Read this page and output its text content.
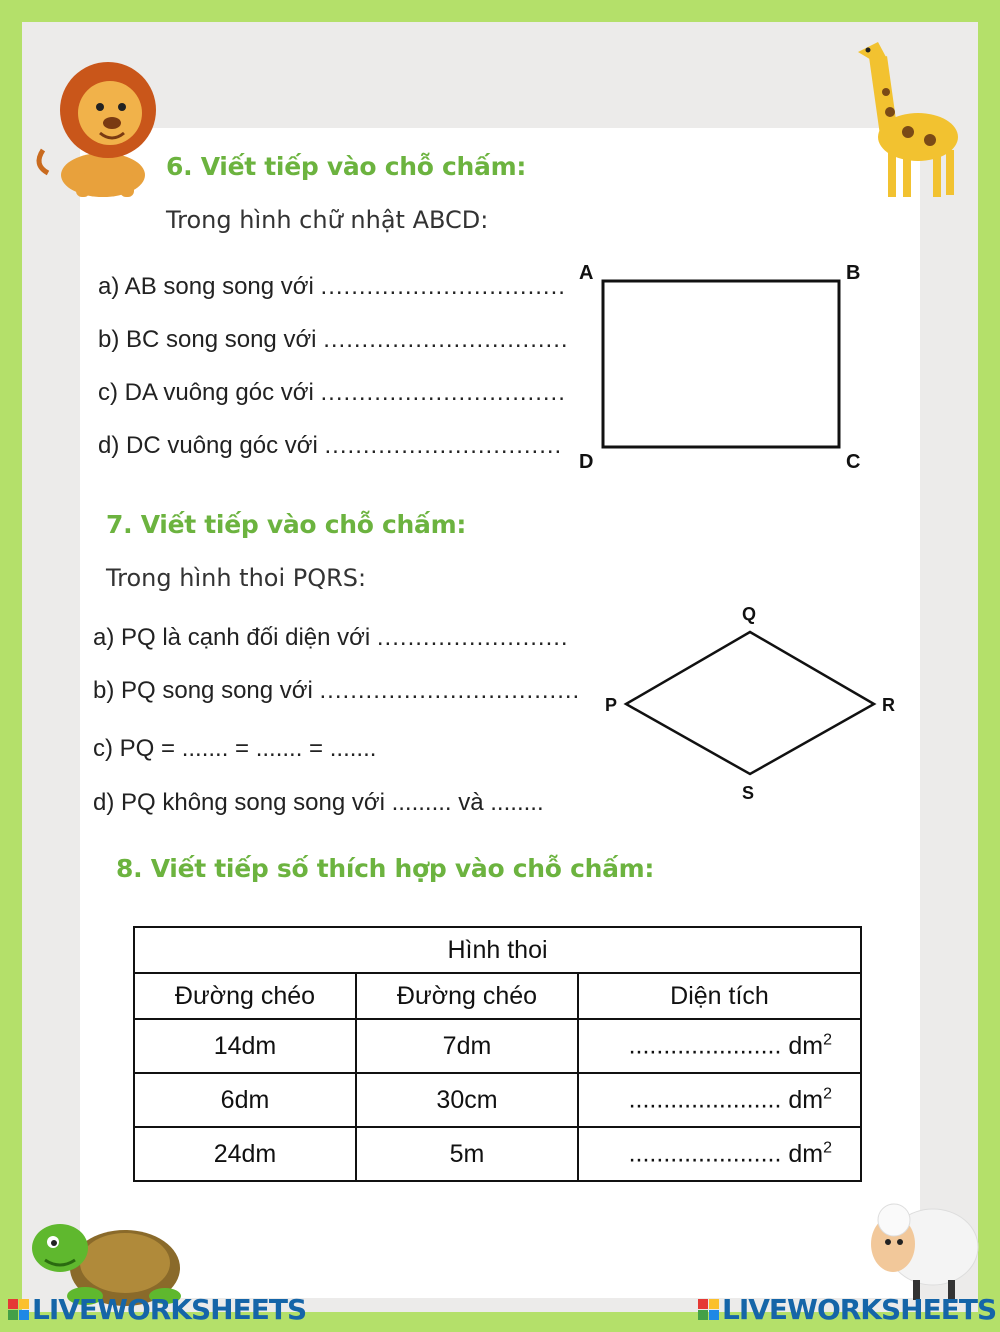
6. Viết tiếp vào chỗ chấm:
Trong hình chữ nhật ABCD:
a) AB song song với ................................
b) BC song song với ................................
c) DA vuông góc với ................................
d) DC vuông góc với ...............................
A	B
C
D
7. Viết tiếp vào chỗ chấm:
Trong hình thoi PQRS:
a) PQ là cạnh đối diện với .........................
b) PQ song song với ..................................
c) PQ = ....... = ....... = .......
d) PQ không song song với ......... và ........
Q
P	R
S
8. Viết tiếp số thích hợp vào chỗ chấm:
Hình thoi		
Đường chéo	Đường chéo	Diện tích
14dm	7dm	...................... $dm^2$
6dm	30cm	...................... $dm^2$
24dm	5m	...................... $dm^2$
LIVEWORKSHEETS	LIVEWORKSHEETS
